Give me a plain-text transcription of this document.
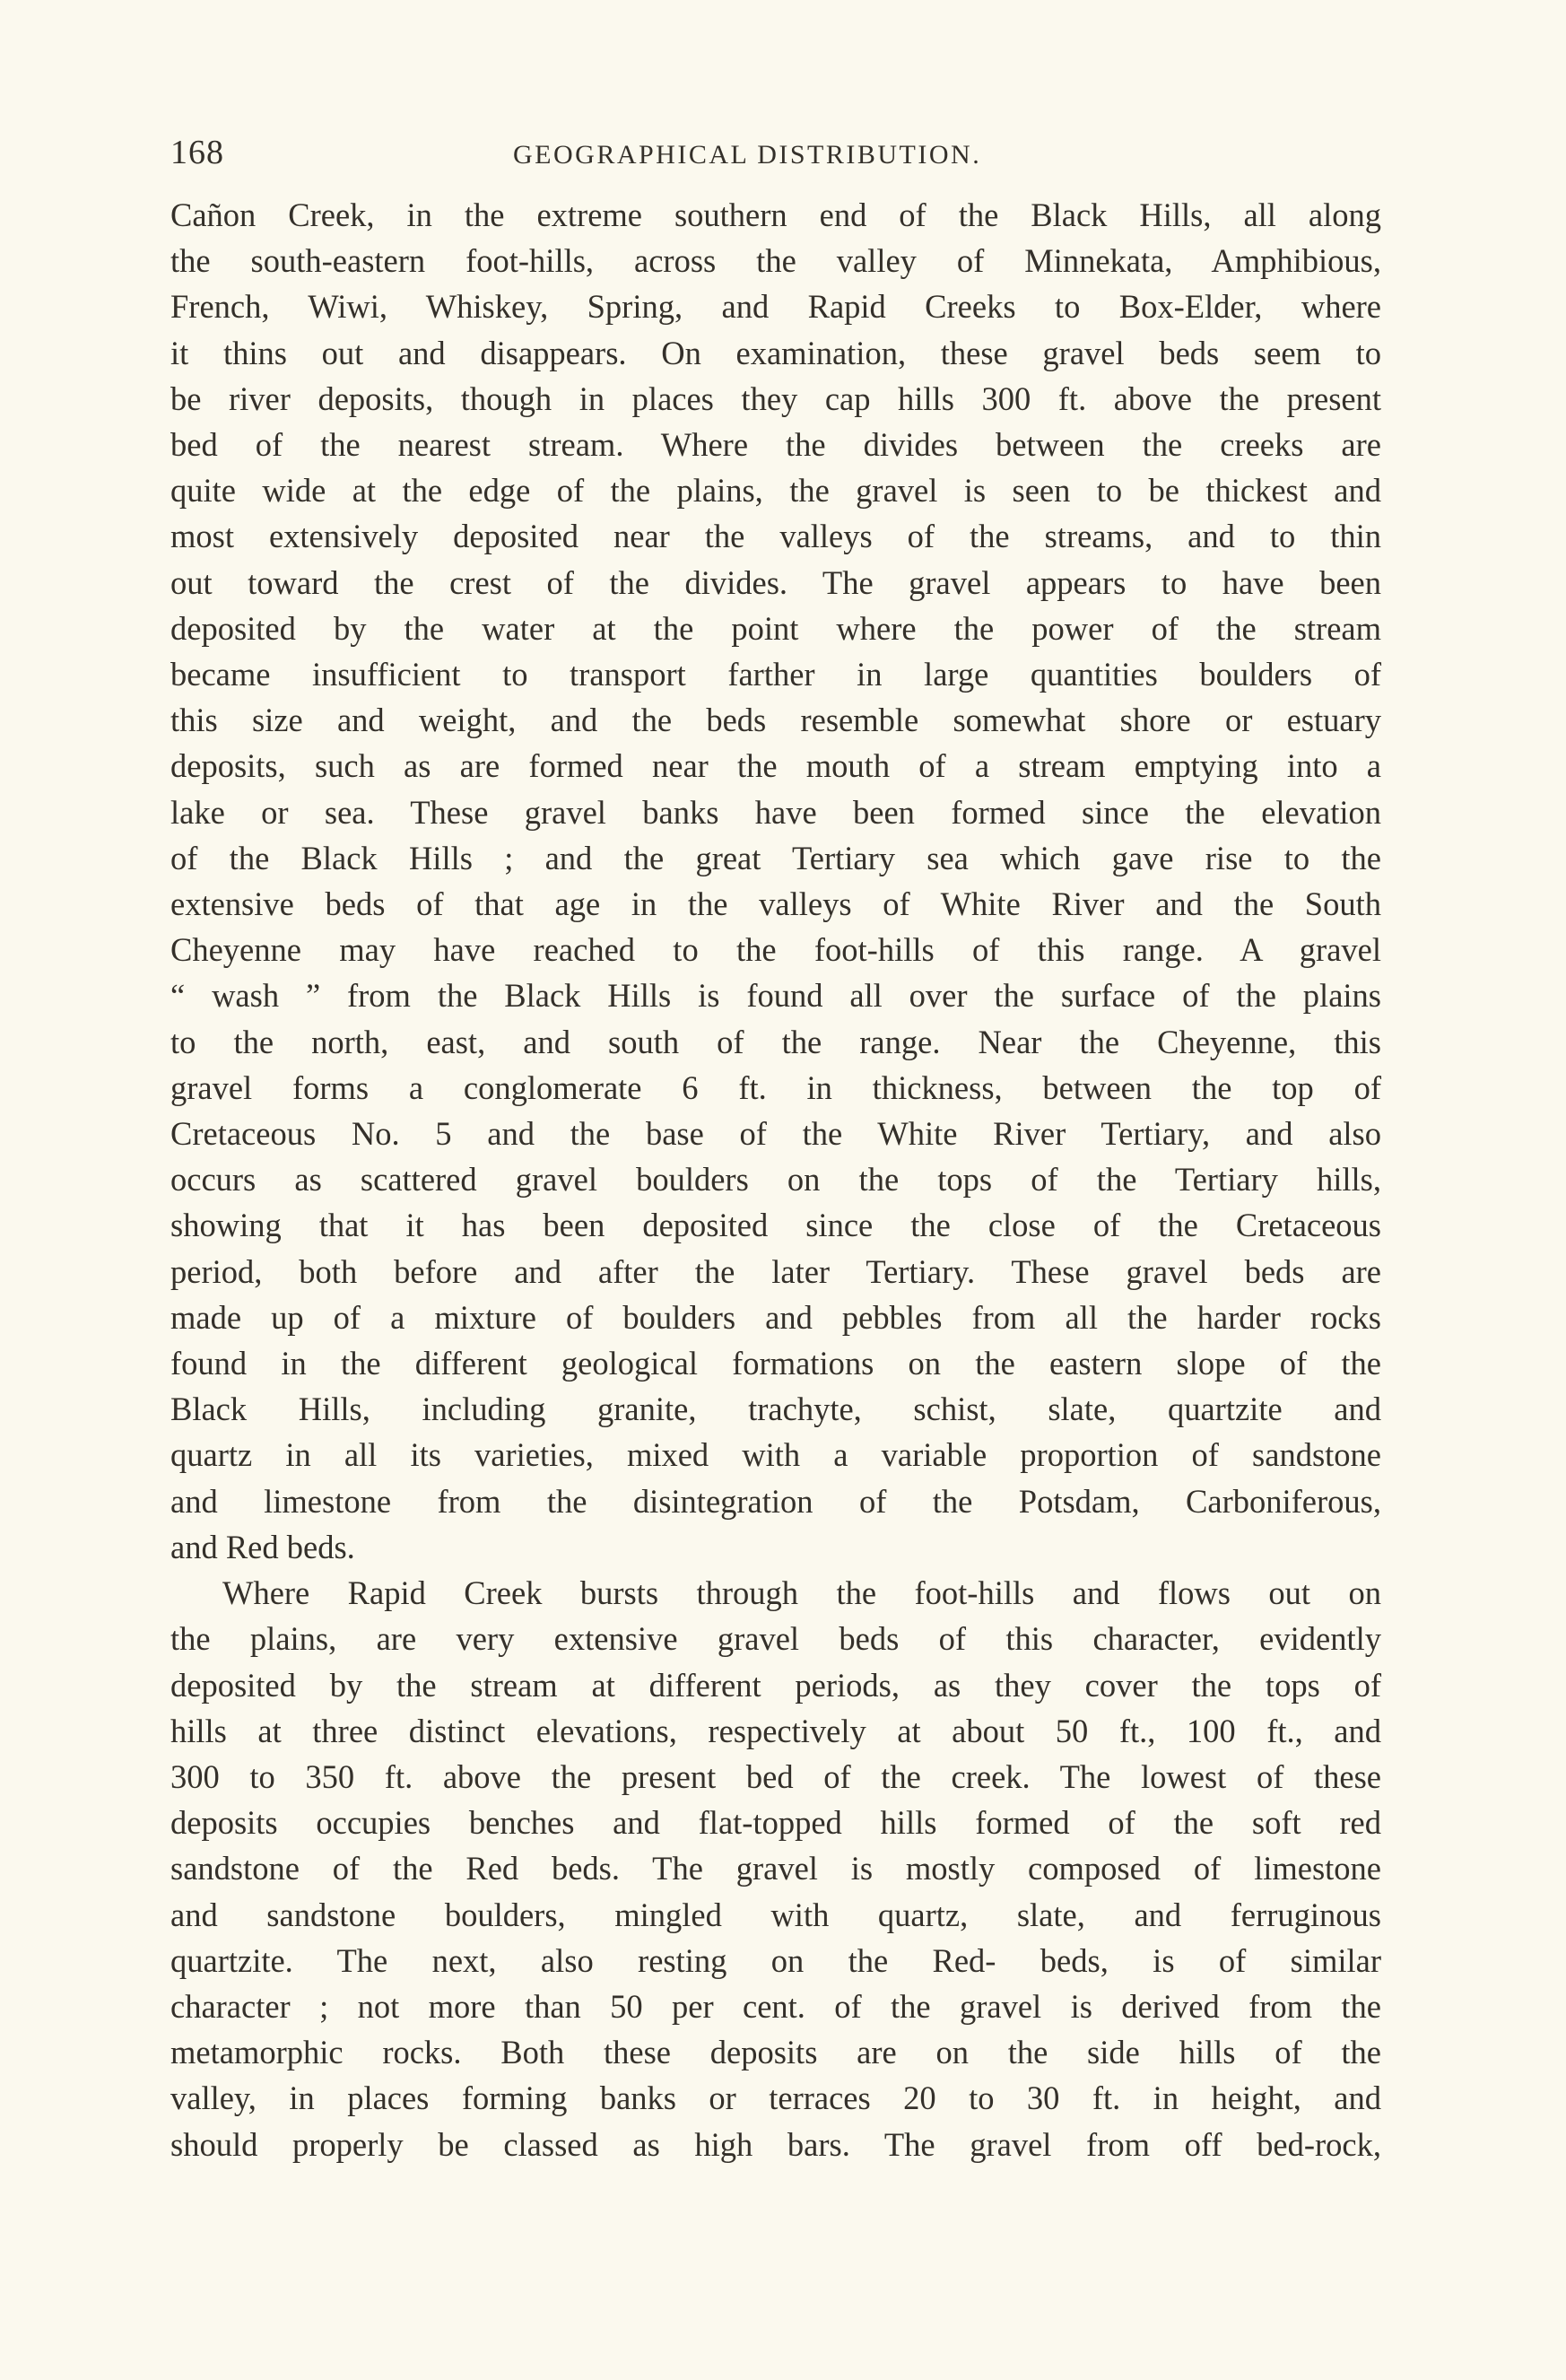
168	GEOGRAPHICAL DISTRIBUTION.
Cañon Creek, in the extreme southern end of the Black Hills, all along
the south-eastern foot-hills, across the valley of Minnekata, Amphibious,
French, Wiwi, Whiskey, Spring, and Rapid Creeks to Box-Elder, where
it thins out and disappears. On examination, these gravel beds seem to
be river deposits, though in places they cap hills 300 ft. above the present
bed of the nearest stream. Where the divides between the creeks are
quite wide at the edge of the plains, the gravel is seen to be thickest and
most extensively deposited near the valleys of the streams, and to thin
out toward the crest of the divides. The gravel appears to have been
deposited by the water at the point where the power of the stream
became insufficient to transport farther in large quantities boulders of
this size and weight, and the beds resemble somewhat shore or estuary
deposits, such as are formed near the mouth of a stream emptying into a
lake or sea. These gravel banks have been formed since the elevation
of the Black Hills ; and the great Tertiary sea which gave rise to the
extensive beds of that age in the valleys of White River and the South
Cheyenne may have reached to the foot-hills of this range. A gravel
“ wash ” from the Black Hills is found all over the surface of the plains
to the north, east, and south of the range. Near the Cheyenne, this
gravel forms a conglomerate 6 ft. in thickness, between the top of
Cretaceous No. 5 and the base of the White River Tertiary, and also
occurs as scattered gravel boulders on the tops of the Tertiary hills,
showing that it has been deposited since the close of the Cretaceous
period, both before and after the later Tertiary. These gravel beds are
made up of a mixture of boulders and pebbles from all the harder rocks
found in the different geological formations on the eastern slope of the
Black Hills, including granite, trachyte, schist, slate, quartzite and
quartz in all its varieties, mixed with a variable proportion of sandstone
and limestone from the disintegration of the Potsdam, Carboniferous,
and Red beds.
Where Rapid Creek bursts through the foot-hills and flows out on
the plains, are very extensive gravel beds of this character, evidently
deposited by the stream at different periods, as they cover the tops of
hills at three distinct elevations, respectively at about 50 ft., 100 ft., and
300 to 350 ft. above the present bed of the creek. The lowest of these
deposits occupies benches and flat-topped hills formed of the soft red
sandstone of the Red beds. The gravel is mostly composed of limestone
and sandstone boulders, mingled with quartz, slate, and ferruginous
quartzite. The next, also resting on the Red- beds, is of similar
character ; not more than 50 per cent. of the gravel is derived from the
metamorphic rocks. Both these deposits are on the side hills of the
valley, in places forming banks or terraces 20 to 30 ft. in height, and
should properly be classed as high bars. The gravel from off bed-rock,
